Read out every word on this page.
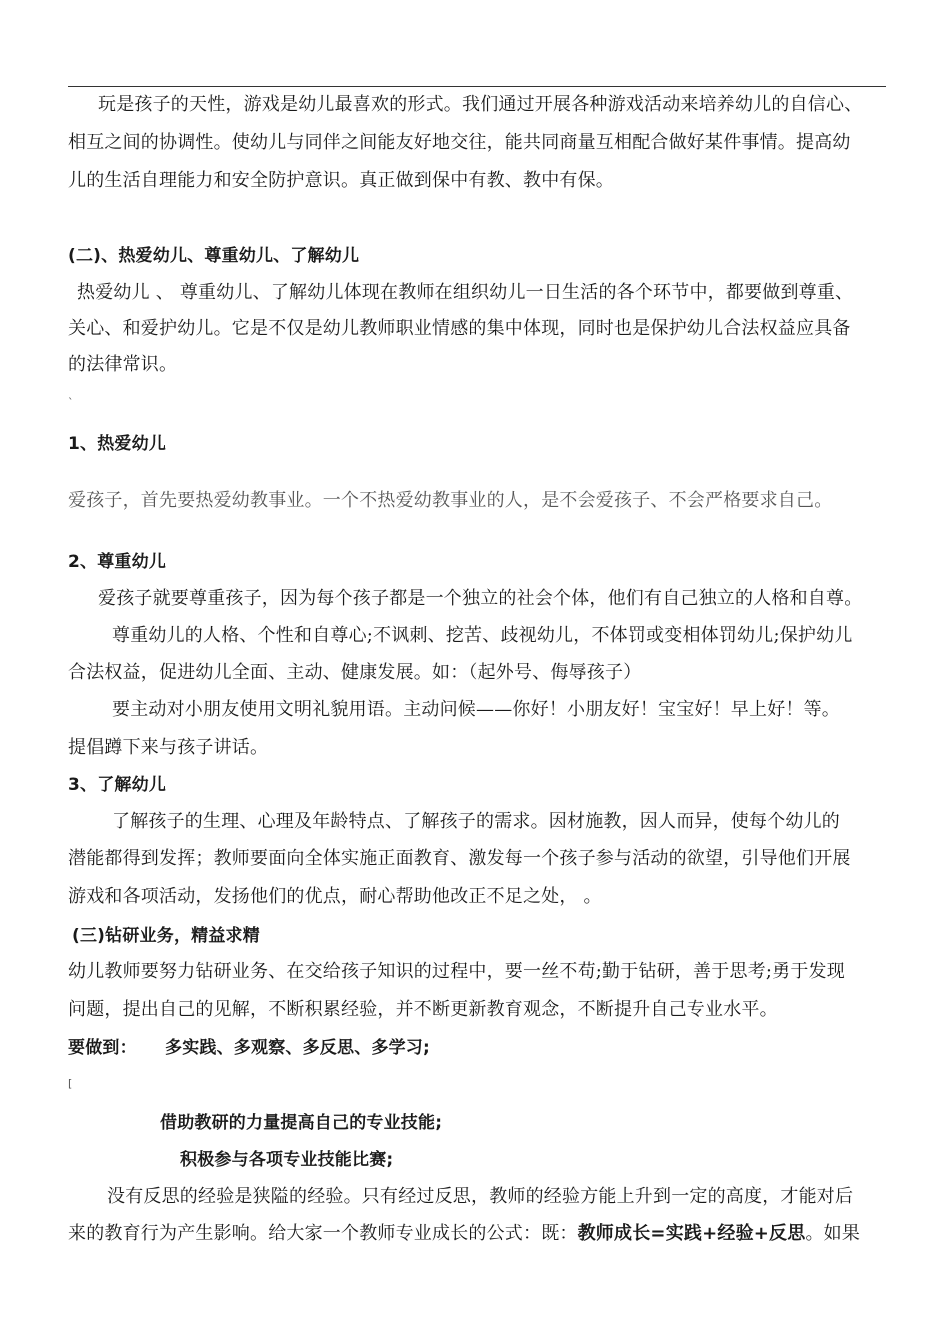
玩是孩子的天性，游戏是幼儿最喜欢的形式。我们通过开展各种游戏活动来培养幼儿的自信心、
相互之间的协调性。使幼儿与同伴之间能友好地交往，能共同商量互相配合做好某件事情。提高幼
儿的生活自理能力和安全防护意识。真正做到保中有教、教中有保。
(二)、热爱幼儿、尊重幼儿、了解幼儿
热爱幼儿 、 尊重幼儿、了解幼儿体现在教师在组织幼儿一日生活的各个环节中，都要做到尊重、
关心、和爱护幼儿。它是不仅是幼儿教师职业情感的集中体现，同时也是保护幼儿合法权益应具备
的法律常识。
`
1、热爱幼儿
爱孩子，首先要热爱幼教事业。一个不热爱幼教事业的人，是不会爱孩子、不会严格要求自己。
2、尊重幼儿
爱孩子就要尊重孩子，因为每个孩子都是一个独立的社会个体，他们有自己独立的人格和自尊。
尊重幼儿的人格、个性和自尊心;不讽刺、挖苦、歧视幼儿，不体罚或变相体罚幼儿;保护幼儿
合法权益，促进幼儿全面、主动、健康发展。如：（起外号、侮辱孩子）
要主动对小朋友使用文明礼貌用语。主动问候——你好！小朋友好！宝宝好！早上好！等。
提倡蹲下来与孩子讲话。
3、了解幼儿
了解孩子的生理、心理及年龄特点、了解孩子的需求。因材施教，因人而异，使每个幼儿的
潜能都得到发挥；教师要面向全体实施正面教育、激发每一个孩子参与活动的欲望，引导他们开展
游戏和各项活动，发扬他们的优点，耐心帮助他改正不足之处， 。
(三)钻研业务，精益求精
幼儿教师要努力钻研业务、在交给孩子知识的过程中，要一丝不苟;勤于钻研，善于思考;勇于发现
问题，提出自己的见解，不断积累经验，并不断更新教育观念，不断提升自己专业水平。
要做到： 多实践、多观察、多反思、多学习;
[
借助教研的力量提高自己的专业技能;
积极参与各项专业技能比赛;
没有反思的经验是狭隘的经验。只有经过反思，教师的经验方能上升到一定的高度，才能对后
来的教育行为产生影响。给大家一个教师专业成长的公式：既：教师成长=实践+经验+反思。如果
